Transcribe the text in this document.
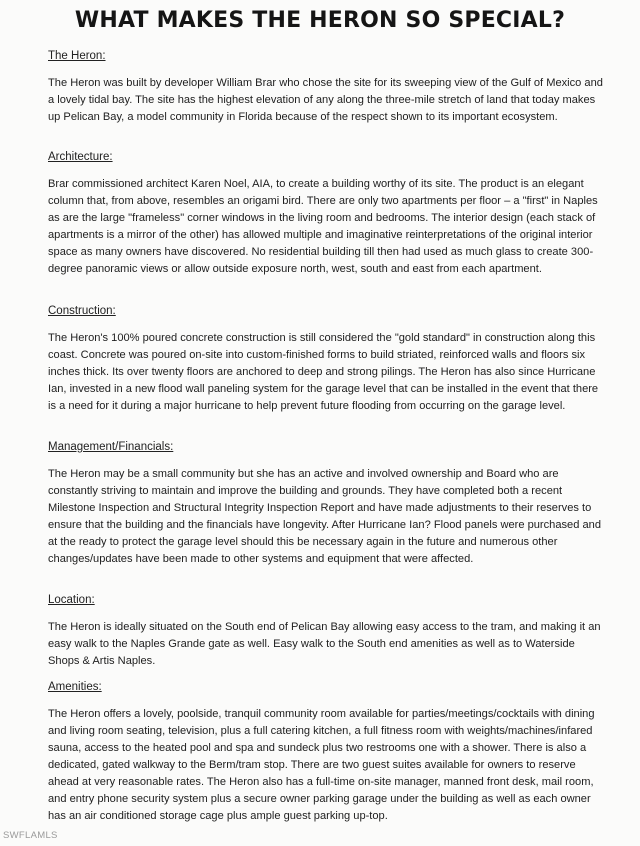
WHAT MAKES THE HERON SO SPECIAL?
The Heron:
The Heron was built by developer William Brar who chose the site for its sweeping view of the Gulf of Mexico and a lovely tidal bay. The site has the highest elevation of any along the three-mile stretch of land that today makes up Pelican Bay, a model community in Florida because of the respect shown to its important ecosystem.
Architecture:
Brar commissioned architect Karen Noel, AIA, to create a building worthy of its site. The product is an elegant column that, from above, resembles an origami bird. There are only two apartments per floor – a "first" in Naples as are the large "frameless" corner windows in the living room and bedrooms. The interior design (each stack of apartments is a mirror of the other) has allowed multiple and imaginative reinterpretations of the original interior space as many owners have discovered. No residential building till then had used as much glass to create 300-degree panoramic views or allow outside exposure north, west, south and east from each apartment.
Construction:
The Heron's 100% poured concrete construction is still considered the "gold standard" in construction along this coast. Concrete was poured on-site into custom-finished forms to build striated, reinforced walls and floors six inches thick. Its over twenty floors are anchored to deep and strong pilings. The Heron has also since Hurricane Ian, invested in a new flood wall paneling system for the garage level that can be installed in the event that there is a need for it during a major hurricane to help prevent future flooding from occurring on the garage level.
Management/Financials:
The Heron may be a small community but she has an active and involved ownership and Board who are constantly striving to maintain and improve the building and grounds. They have completed both a recent Milestone Inspection and Structural Integrity Inspection Report and have made adjustments to their reserves to ensure that the building and the financials have longevity. After Hurricane Ian? Flood panels were purchased and at the ready to protect the garage level should this be necessary again in the future and numerous other changes/updates have been made to other systems and equipment that were affected.
Location:
The Heron is ideally situated on the South end of Pelican Bay allowing easy access to the tram, and making it an easy walk to the Naples Grande gate as well. Easy walk to the South end amenities as well as to Waterside Shops & Artis Naples.
Amenities:
The Heron offers a lovely, poolside, tranquil community room available for parties/meetings/cocktails with dining and living room seating, television, plus a full catering kitchen, a full fitness room with weights/machines/infared sauna, access to the heated pool and spa and sundeck plus two restrooms one with a shower. There is also a dedicated, gated walkway to the Berm/tram stop. There are two guest suites available for owners to reserve ahead at very reasonable rates. The Heron also has a full-time on-site manager, manned front desk, mail room, and entry phone security system plus a secure owner parking garage under the building as well as each owner has an air conditioned storage cage plus ample guest parking up-top.
SWFLAMLS
